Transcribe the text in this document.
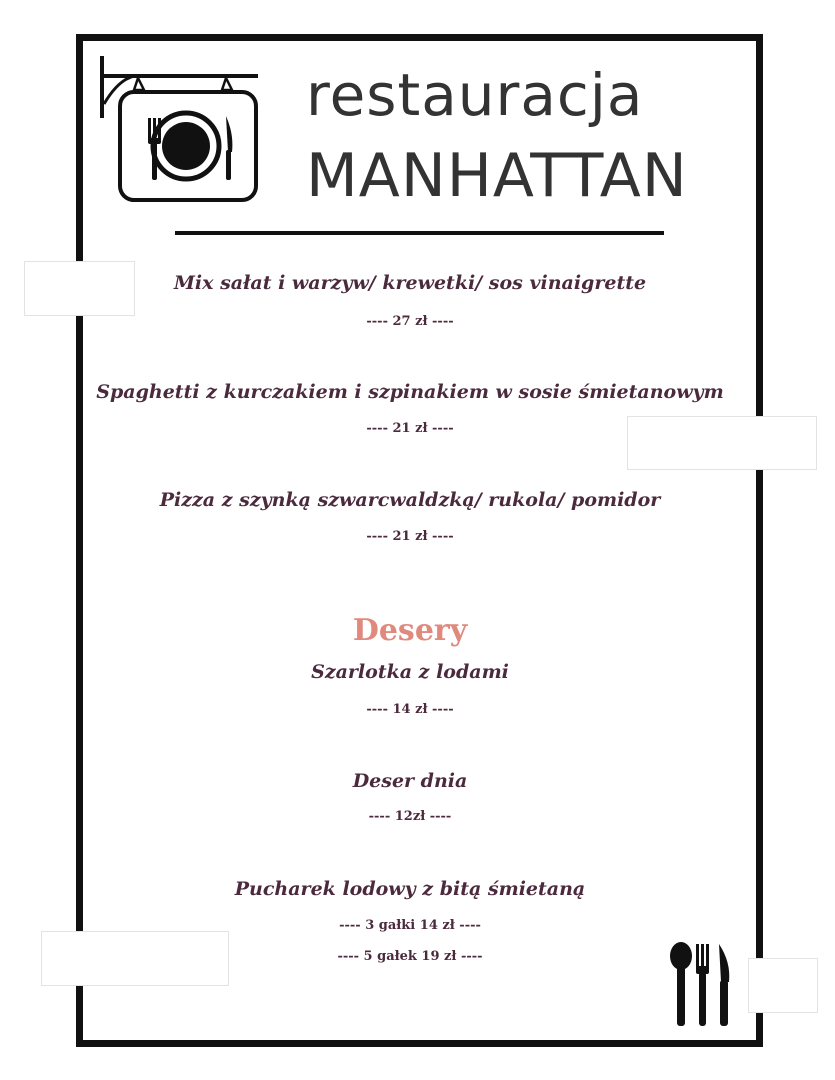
restauracja
MANHATTAN
Mix sałat i warzyw/ krewetki/ sos vinaigrette
---- 27 zł ----
Spaghetti z kurczakiem i szpinakiem w sosie śmietanowym
---- 21 zł ----
Pizza z szynką szwarcwaldzką/ rukola/ pomidor
---- 21 zł ----
Desery
Szarlotka z lodami
---- 14 zł ----
Deser dnia
---- 12zł ----
Pucharek lodowy z bitą śmietaną
---- 3 gałki 14 zł ----
---- 5 gałek 19 zł ----
